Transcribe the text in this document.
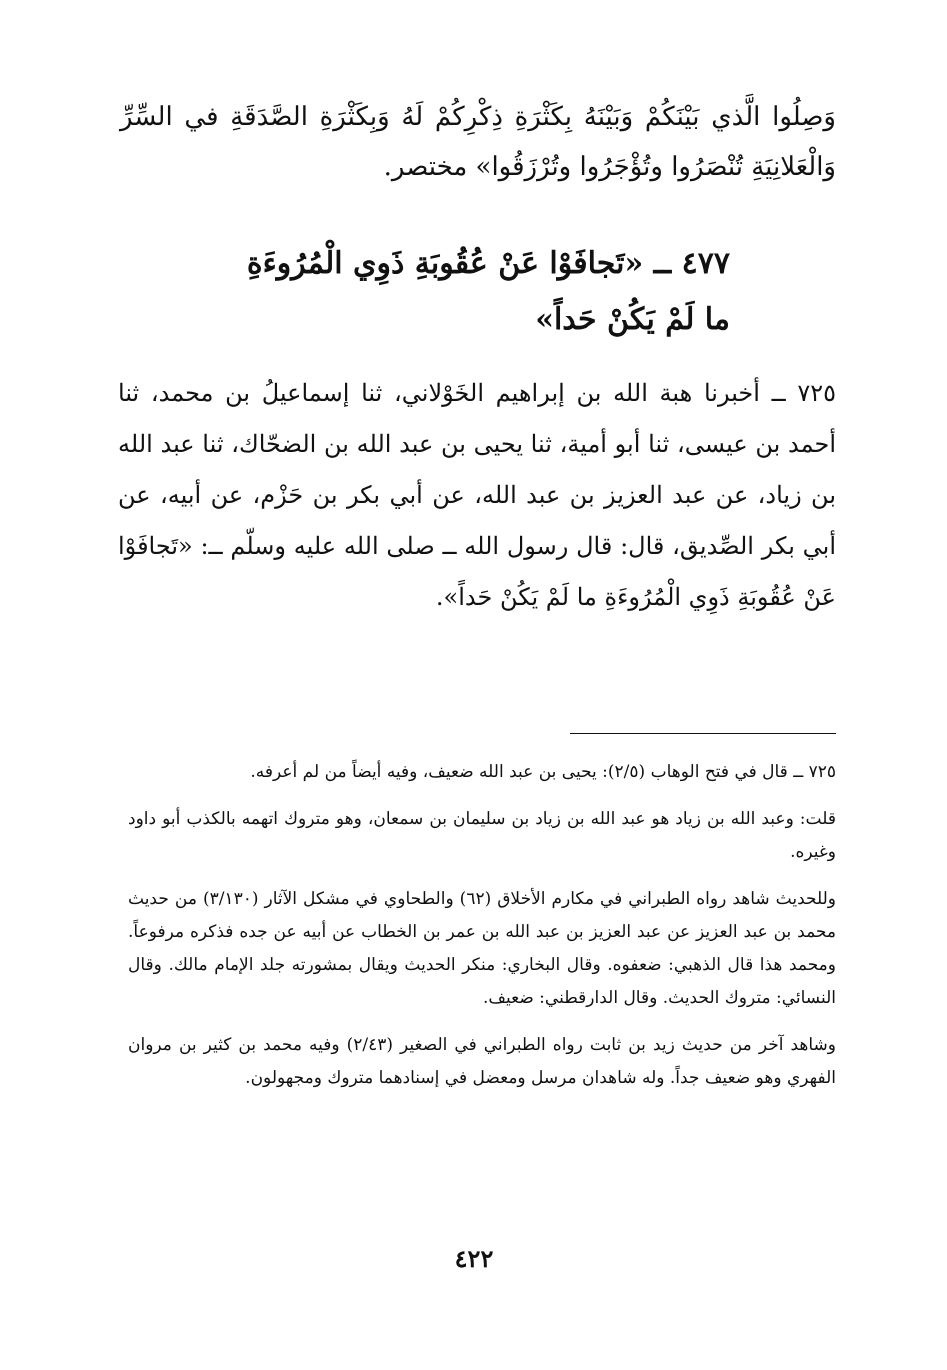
وَصِلُوا الَّذي بَيْنَكُمْ وَبَيْنَهُ بِكَثْرَةِ ذِكْرِكُمْ لَهُ وَبِكَثْرَةِ الصَّدَقَةِ في السِّرِّ وَالْعَلانِيَةِ تُنْصَرُوا وتُؤْجَرُوا وتُرْزَقُوا» مختصر.
٤٧٧ ــ «تَجافَوْا عَنْ عُقُوبَةِ ذَوِي الْمُرُوءَةِ ما لَمْ يَكُنْ حَداً»
٧٢٥ ــ أخبرنا هبة الله بن إبراهيم الخَوْلاني، ثنا إسماعيلُ بن محمد، ثنا أحمد بن عيسى، ثنا أبو أمية، ثنا يحيى بن عبد الله بن الضحّاك، ثنا عبد الله بن زياد، عن عبد العزيز بن عبد الله، عن أبي بكر بن حَزْم، عن أبيه، عن أبي بكر الصِّديق، قال: قال رسول الله ــ صلى الله عليه وسلّم ــ: «تَجافَوْا عَنْ عُقُوبَةِ ذَوِي الْمُرُوءَةِ ما لَمْ يَكُنْ حَداً».

٧٢٥ ــ قال في فتح الوهاب (٢/٥): يحيى بن عبد الله ضعيف، وفيه أيضاً من لم أعرفه.

قلت: وعبد الله بن زياد هو عبد الله بن زياد بن سليمان بن سمعان، وهو متروك اتهمه بالكذب أبو داود وغيره.

وللحديث شاهد رواه الطبراني في مكارم الأخلاق (٦٢) والطحاوي في مشكل الآثار (٣/١٣٠) من حديث محمد بن عبد العزيز عن عبد العزيز بن عبد الله بن عمر بن الخطاب عن أبيه عن جده فذكره مرفوعاً. ومحمد هذا قال الذهبي: ضعفوه. وقال البخاري: منكر الحديث ويقال بمشورته جلد الإمام مالك. وقال النسائي: متروك الحديث. وقال الدارقطني: ضعيف.

وشاهد آخر من حديث زيد بن ثابت رواه الطبراني في الصغير (٢/٤٣) وفيه محمد بن كثير بن مروان الفهري وهو ضعيف جداً. وله شاهدان مرسل ومعضل في إسنادهما متروك ومجهولون.

٤٢٢
